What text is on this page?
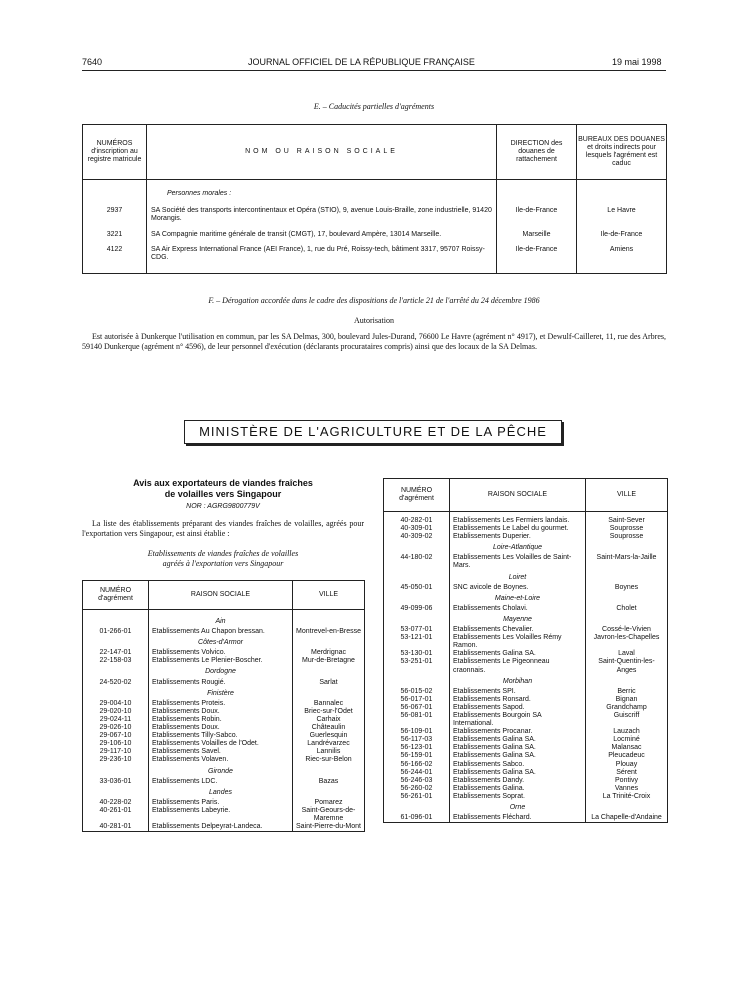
7640	JOURNAL OFFICIEL DE LA RÉPUBLIQUE FRANÇAISE	19 mai 1998
E. – Caducités partielles d'agréments
NUMÉROS d'inscription au registre matricule	NOM OU RAISON SOCIALE	DIRECTION des douanes de rattachement	BUREAUX DES DOUANES et droits indirects pour lesquels l'agrément est caduc
	Personnes morales :		
2937	SA Société des transports intercontinentaux et Opéra (STIO), 9, avenue Louis-Braille, zone industrielle, 91420 Morangis.	Ile-de-France	Le Havre
3221	SA Compagnie maritime générale de transit (CMGT), 17, boulevard Ampère, 13014 Marseille.	Marseille	Ile-de-France
4122	SA Air Express International France (AEI France), 1, rue du Pré, Roissy-tech, bâtiment 3317, 95707 Roissy-CDG.	Ile-de-France	Amiens
F. – Dérogation accordée dans le cadre des dispositions de l'article 21 de l'arrêté du 24 décembre 1986
Autorisation
Est autorisée à Dunkerque l'utilisation en commun, par les SA Delmas, 300, boulevard Jules-Durand, 76600 Le Havre (agrément n° 4917), et Dewulf-Cailleret, 11, rue des Arbres, 59140 Dunkerque (agrément n° 4596), de leur personnel d'exécution (déclarants procurataires compris) ainsi que des locaux de la SA Delmas.
MINISTÈRE DE L'AGRICULTURE ET DE LA PÊCHE
Avis aux exportateurs de viandes fraîches
de volailles vers Singapour
NOR : AGRG9800779V
La liste des établissements préparant des viandes fraîches de volailles, agréés pour l'exportation vers Singapour, est ainsi établie :
Etablissements de viandes fraîches de volailles
agréés à l'exportation vers Singapour
NUMÉRO d'agrément	RAISON SOCIALE	VILLE

	Ain	
01-266-01	Etablissements Au Chapon bressan.	Montrevel-en-Bresse
	Côtes-d'Armor	
22-147-01	Etablissements Volvico.	Merdrignac
22-158-03	Etablissements Le Plenier-Boscher.	Mur-de-Bretagne
	Dordogne	
24-520-02	Etablissements Rougié.	Sarlat
	Finistère	
29-004-10	Etablissements Proteis.	Bannalec
29-020-10	Etablissements Doux.	Briec-sur-l'Odet
29-024-11	Etablissements Robin.	Carhaix
29-026-10	Etablissements Doux.	Châteaulin
29-067-10	Etablissements Tilly-Sabco.	Guerlesquin
29-106-10	Etablissements Volailles de l'Odet.	Landrévarzec
29-117-10	Etablissements Savel.	Lannilis
29-236-10	Etablissements Volaven.	Riec-sur-Belon
	Gironde	
33-036-01	Etablissements LDC.	Bazas
	Landes	
40-228-02	Etablissements Paris.	Pomarez
40-261-01	Etablissements Labeyrie.	Saint-Geours-de-Maremne
40-281-01	Etablissements Delpeyrat-Landeca.	Saint-Pierre-du-Mont
NUMÉRO d'agrément	RAISON SOCIALE	VILLE

40-282-01	Etablissements Les Fermiers landais.	Saint-Sever
40-309-01	Etablissements Le Label du gourmet.	Souprosse
40-309-02	Etablissements Duperier.	Souprosse
	Loire-Atlantique	
44-180-02	Etablissements Les Volailles de Saint-Mars.	Saint-Mars-la-Jaille
	Loiret	
45-050-01	SNC avicole de Boynes.	Boynes
	Maine-et-Loire	
49-099-06	Etablissements Cholavi.	Cholet
	Mayenne	
53-077-01	Etablissements Chevalier.	Cossé-le-Vivien
53-121-01	Etablissements Les Volailles Rémy Ramon.	Javron-les-Chapelles
53-130-01	Etablissements Galina SA.	Laval
53-251-01	Etablissements Le Pigeonneau craonnais.	Saint-Quentin-les-Anges
	Morbihan	
56-015-02	Etablissements SPI.	Berric
56-017-01	Etablissements Ronsard.	Bignan
56-067-01	Etablissements Sapod.	Grandchamp
56-081-01	Etablissements Bourgoin SA International.	Guiscriff
56-109-01	Etablissements Procanar.	Lauzach
56-117-03	Etablissements Galina SA.	Locminé
56-123-01	Etablissements Galina SA.	Malansac
56-159-01	Etablissements Galina SA.	Pleucadeuc
56-166-02	Etablissements Sabco.	Plouay
56-244-01	Etablissements Galina SA.	Sérent
56-246-03	Etablissements Dandy.	Pontivy
56-260-02	Etablissements Galina.	Vannes
56-261-01	Etablissements Soprat.	La Trinité-Croix
	Orne	
61-096-01	Etablissements Fléchard.	La Chapelle-d'Andaine
